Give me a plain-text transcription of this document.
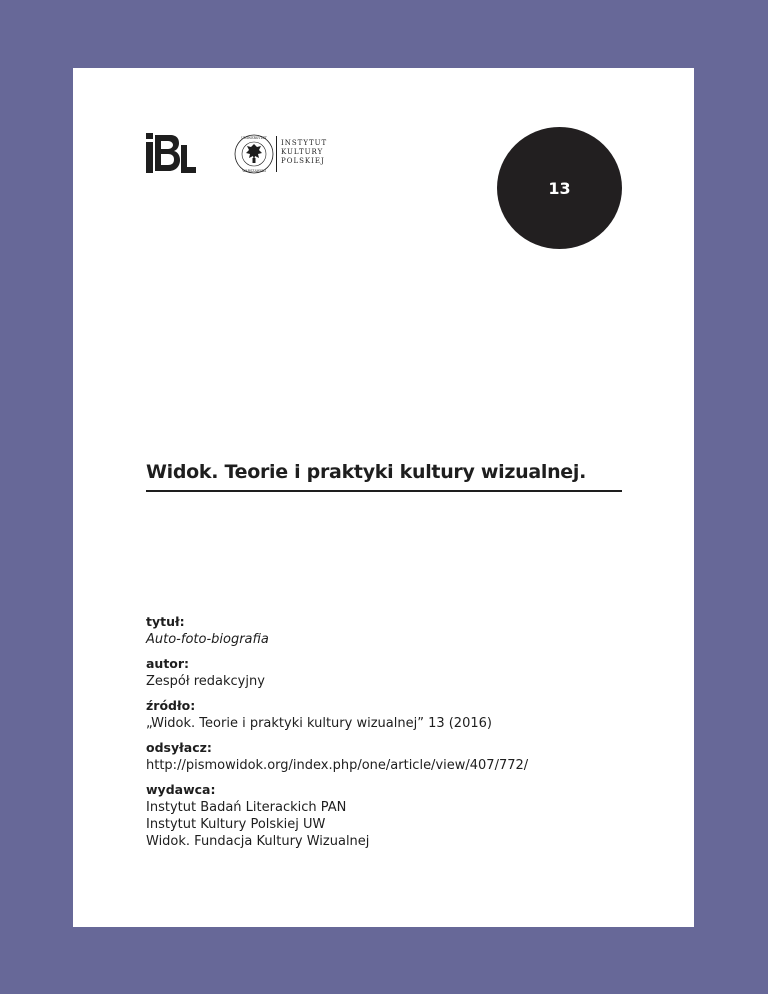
UNIWERSYTET
WARSZAWSKI
INSTYTUT
KULTURY
POLSKIEJ
13
Widok. Teorie i praktyki kultury wizualnej.
tytuł:
Auto-foto-biografia
autor:
Zespół redakcyjny
źródło:
„Widok. Teorie i praktyki kultury wizualnej” 13 (2016)
odsyłacz:
http://pismowidok.org/index.php/one/article/view/407/772/
wydawca:
Instytut Badań Literackich PAN
Instytut Kultury Polskiej UW
Widok. Fundacja Kultury Wizualnej
